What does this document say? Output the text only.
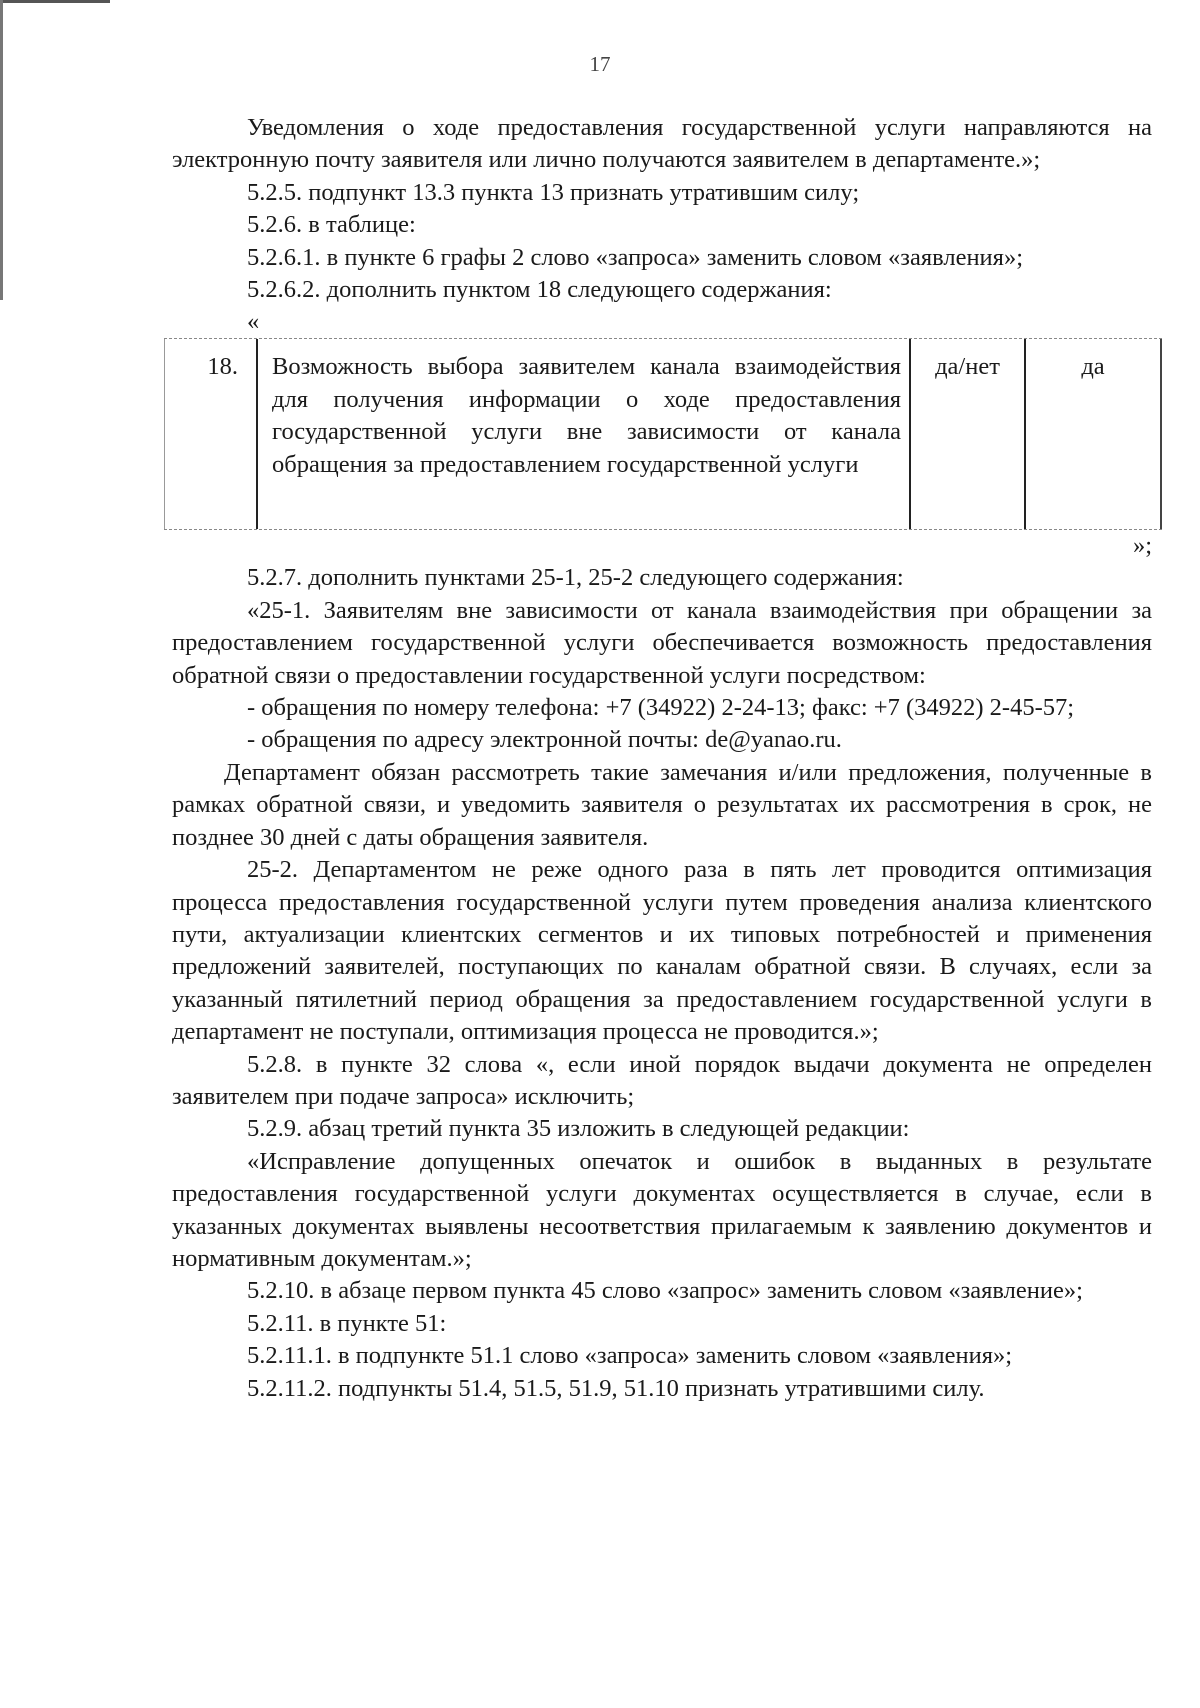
17

Уведомления о ходе предоставления государственной услуги направляются на электронную почту заявителя или лично получаются заявителем в департаменте.»;

5.2.5. подпункт 13.3 пункта 13 признать утратившим силу;

5.2.6. в таблице:

5.2.6.1. в пункте 6 графы 2 слово «запроса» заменить словом «заявления»;

5.2.6.2. дополнить пунктом 18 следующего содержания:

«

18.	Возможность выбора заявителем канала взаимодействия для получения информации о ходе предоставления государственной услуги вне зависимости от канала обращения за предоставлением государственной услуги
да/нет	да

»;

5.2.7. дополнить пунктами 25-1, 25-2 следующего содержания:

«25-1. Заявителям вне зависимости от канала взаимодействия при обращении за предоставлением государственной услуги обеспечивается возможность предоставления обратной связи о предоставлении государственной услуги посредством:

- обращения по номеру телефона: +7 (34922) 2-24-13; факс: +7 (34922) 2-45-57;

- обращения по адресу электронной почты: de@yanao.ru.

Департамент обязан рассмотреть такие замечания и/или предложения, полученные в рамках обратной связи, и уведомить заявителя о результатах их рассмотрения в срок, не позднее 30 дней с даты обращения заявителя.

25-2. Департаментом не реже одного раза в пять лет проводится оптимизация процесса предоставления государственной услуги путем проведения анализа клиентского пути, актуализации клиентских сегментов и их типовых потребностей и применения предложений заявителей, поступающих по каналам обратной связи. В случаях, если за указанный пятилетний период обращения за предоставлением государственной услуги в департамент не поступали, оптимизация процесса не проводится.»;

5.2.8. в пункте 32 слова «, если иной порядок выдачи документа не определен заявителем при подаче запроса» исключить;

5.2.9. абзац третий пункта 35 изложить в следующей редакции:

«Исправление допущенных опечаток и ошибок в выданных в результате предоставления государственной услуги документах осуществляется в случае, если в указанных документах выявлены несоответствия прилагаемым к заявлению документов и нормативным документам.»;

5.2.10. в абзаце первом пункта 45 слово «запрос» заменить словом «заявление»;

5.2.11. в пункте 51:

5.2.11.1. в подпункте 51.1 слово «запроса» заменить словом «заявления»;

5.2.11.2. подпункты 51.4, 51.5, 51.9, 51.10 признать утратившими силу.
